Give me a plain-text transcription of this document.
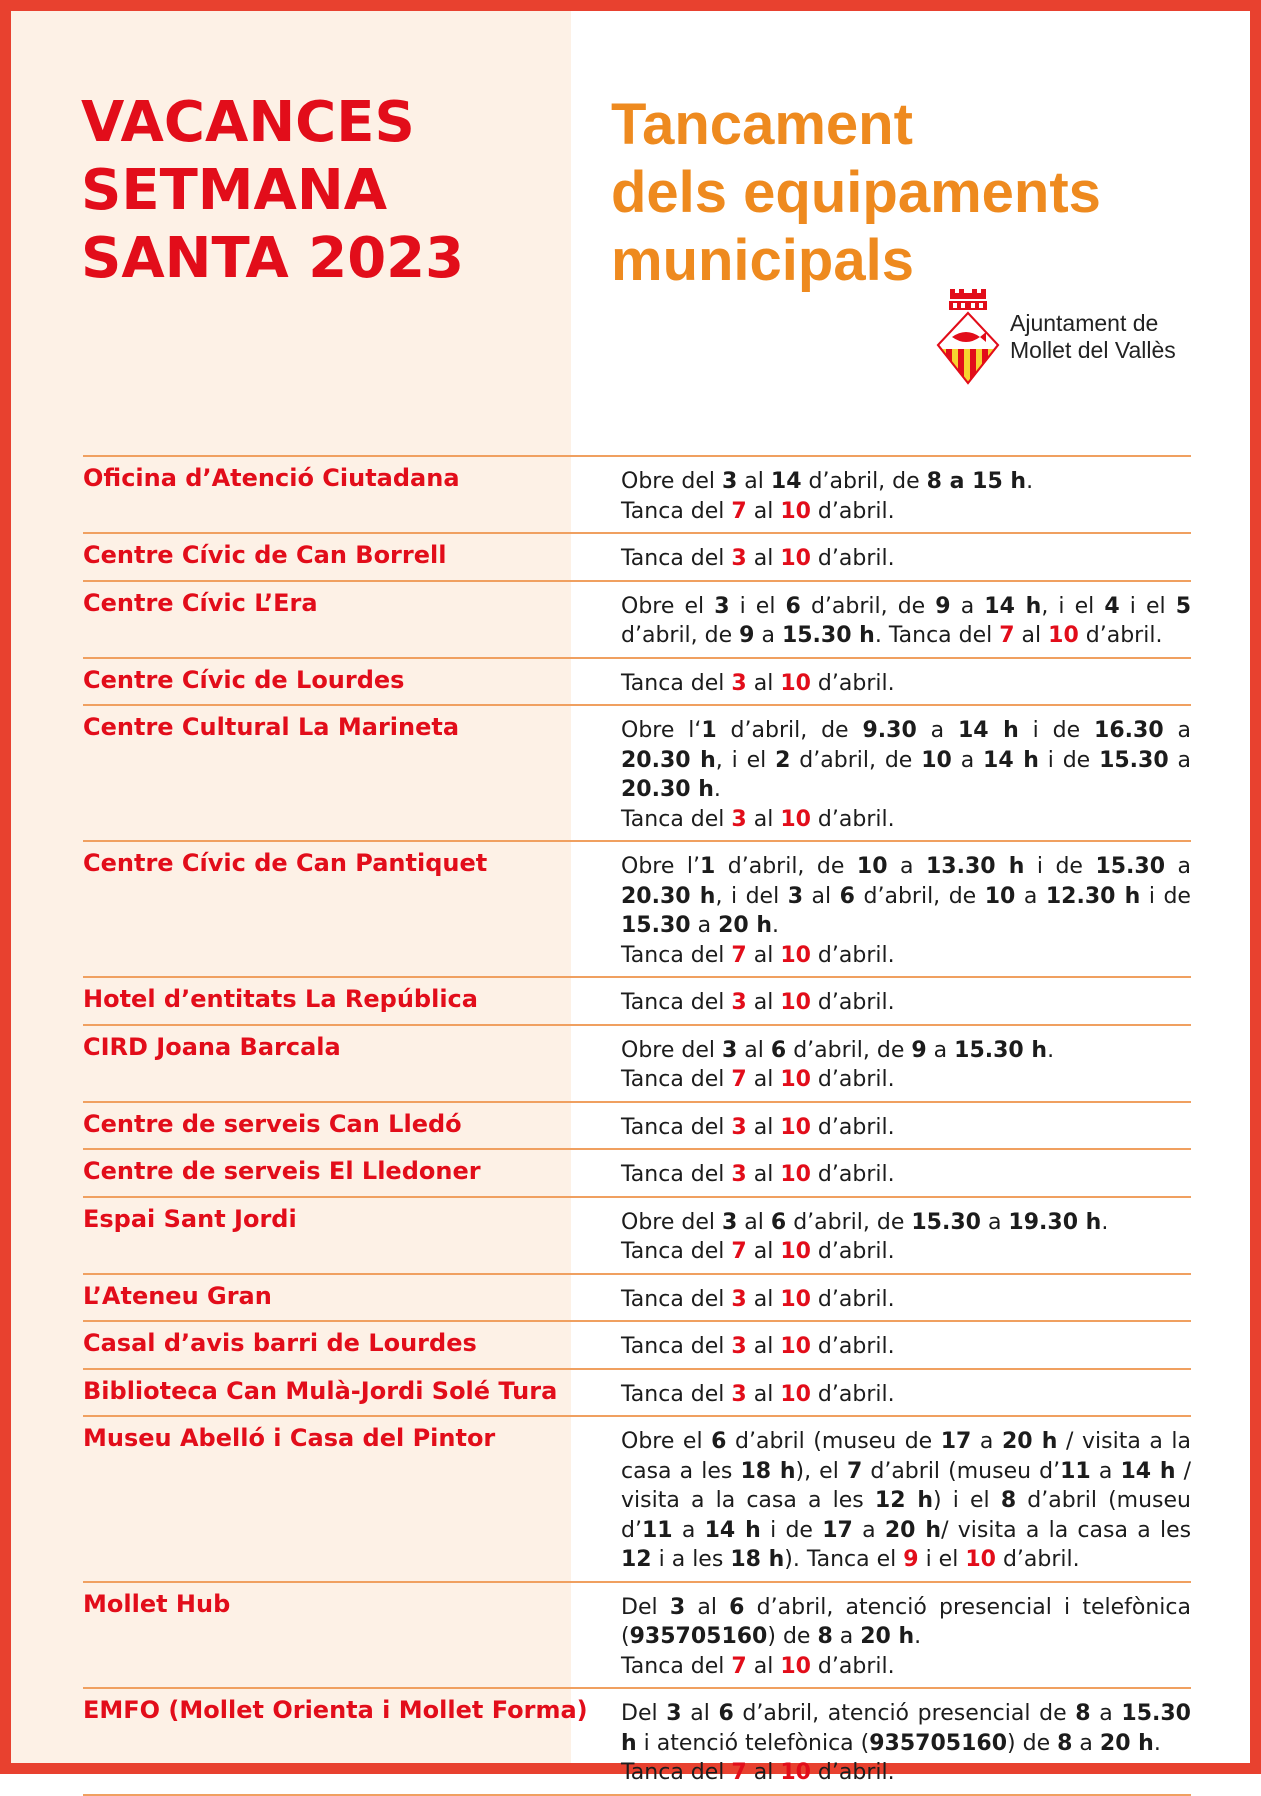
VACANCES
SETMANA
SANTA 2023
Tancament
dels equipaments
municipals
Ajuntament de
Mollet del Vallès
Oficina d’Atenció Ciutadana	Obre del 3 al 14 d’abril, de 8 a 15 h.
Tanca del 7 al 10 d’abril.
Centre Cívic de Can Borrell	Tanca del 3 al 10 d’abril.
Centre Cívic L’Era	Obre el 3 i el 6 d’abril, de 9 a 14 h, i el 4 i el 5 d’abril, de 9 a 15.30 h. Tanca del 7 al 10 d’abril.
Centre Cívic de Lourdes	Tanca del 3 al 10 d’abril.
Centre Cultural La Marineta	Obre l‘1 d’abril, de 9.30 a 14 h i de 16.30 a 20.30 h, i el 2 d’abril, de 10 a 14 h i de 15.30 a 20.30 h.
Tanca del 3 al 10 d’abril.
Centre Cívic de Can Pantiquet	Obre l’1 d’abril, de 10 a 13.30 h i de 15.30 a 20.30 h, i del 3 al 6 d’abril, de 10 a 12.30 h i de 15.30 a 20 h.
Tanca del 7 al 10 d’abril.
Hotel d’entitats La República	Tanca del 3 al 10 d’abril.
CIRD Joana Barcala	Obre del 3 al 6 d’abril, de 9 a 15.30 h.
Tanca del 7 al 10 d’abril.
Centre de serveis Can Lledó	Tanca del 3 al 10 d’abril.
Centre de serveis El Lledoner	Tanca del 3 al 10 d’abril.
Espai Sant Jordi	Obre del 3 al 6 d’abril, de 15.30 a 19.30 h.
Tanca del 7 al 10 d’abril.
L’Ateneu Gran	Tanca del 3 al 10 d’abril.
Casal d’avis barri de Lourdes	Tanca del 3 al 10 d’abril.
Biblioteca Can Mulà-Jordi Solé Tura	Tanca del 3 al 10 d’abril.
Museu Abelló i Casa del Pintor	Obre el 6 d’abril (museu de 17 a 20 h / visita a la casa a les 18 h), el 7 d’abril (museu d’11 a 14 h / visita a la casa a les 12 h) i el 8 d’abril (museu d’11 a 14 h i de 17 a 20 h/ visita a la casa a les 12 i a les 18 h). Tanca el 9 i el 10 d’abril.
Mollet Hub	Del 3 al 6 d’abril, atenció presencial i telefònica (935705160) de 8 a 20 h.
Tanca del 7 al 10 d’abril.
EMFO (Mollet Orienta i Mollet Forma)	Del 3 al 6 d’abril, atenció presencial de 8 a 15.30 h i atenció telefònica (935705160) de 8 a 20 h.
Tanca del 7 al 10 d’abril.
